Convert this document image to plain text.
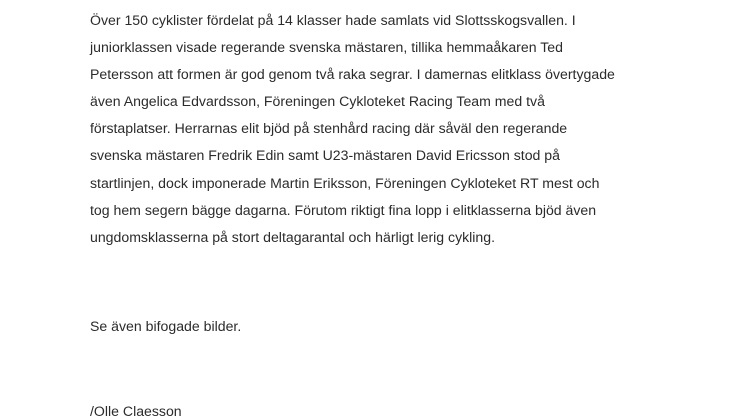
Över 150 cyklister fördelat på 14 klasser hade samlats vid Slottsskogsvallen. I

juniorklassen visade regerande svenska mästaren, tillika hemmaåkaren Ted

Petersson att formen är god genom två raka segrar. I damernas elitklass övertygade

även Angelica Edvardsson, Föreningen Cykloteket Racing Team med två

förstaplatser. Herrarnas elit bjöd på stenhård racing där såväl den regerande

svenska mästaren Fredrik Edin samt U23-mästaren David Ericsson stod på

startlinjen, dock imponerade Martin Eriksson, Föreningen Cykloteket RT mest och

tog hem segern bägge dagarna. Förutom riktigt fina lopp i elitklasserna bjöd även

ungdomsklasserna på stort deltagarantal och härligt lerig cykling.

Se även bifogade bilder.
/Olle Claesson
